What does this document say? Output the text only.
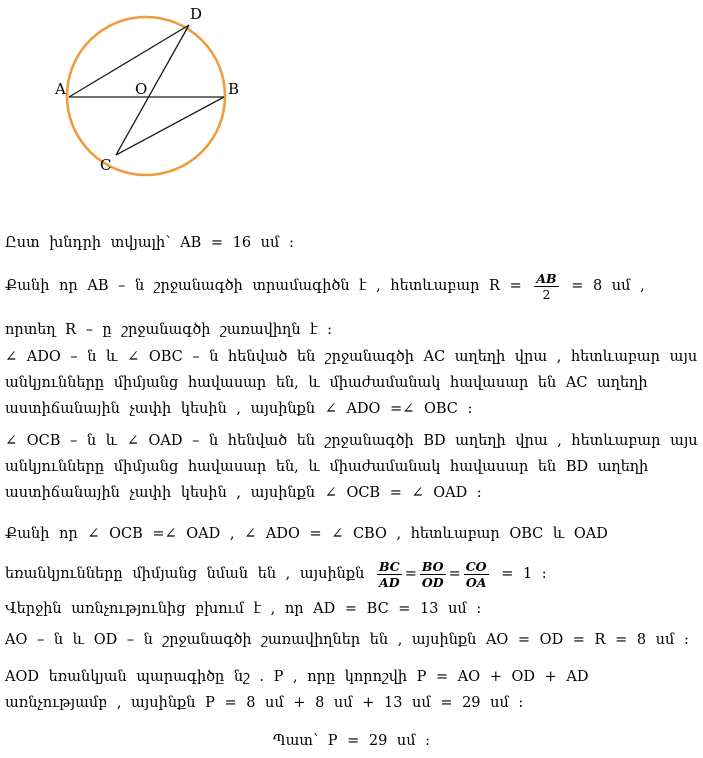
D
A	O	B
C
Ըստ խնդրի տվյալի՝ AB = 16 սմ :
Քանի որ AB – ն շրջանագծի տրամագիծն է , հետևաբար $R = \frac{AB}{2} = 8$ սմ , որտեղ R – ը շրջանագծի շառավիղն է :
∠ ADO – ն և ∠ OBC – ն հենված են շրջանագծի AC աղեղի վրա , հետևաբար այս անկյունները միմյանց հավասար են, և միաժամանակ հավասար են AC աղեղի աստիճանային չափի կեսին , այսինքն ∠ ADO =∠ OBC :
∠ OCB – ն և ∠ OAD – ն հենված են շրջանագծի BD աղեղի վրա , հետևաբար այս անկյունները միմյանց հավասար են, և միաժամանակ հավասար են BD աղեղի աստիճանային չափի կեսին , այսինքն ∠ OCB = ∠ OAD :
Քանի որ ∠ OCB =∠ OAD , ∠ ADO = ∠ CBO , հետևաբար OBC և OAD եռանկյունները միմյանց նման են , այսինքն $\frac{BC}{AD} = \frac{BO}{OD} = \frac{CO}{OA} = 1$ :
Վերջին առնչությունից բխում է , որ AD = BC = 13 սմ :
AO – ն և OD – ն շրջանագծի շառավիղներ են , այսինքն AO = OD = R = 8 սմ :
AOD եռանկյան պարագիծը նշ . P , որը կորոշվի P = AO + OD + AD առնչությամբ , այսինքն P = 8 սմ + 8 սմ + 13 սմ = 29 սմ :
Պատ՝ P = 29 սմ :
